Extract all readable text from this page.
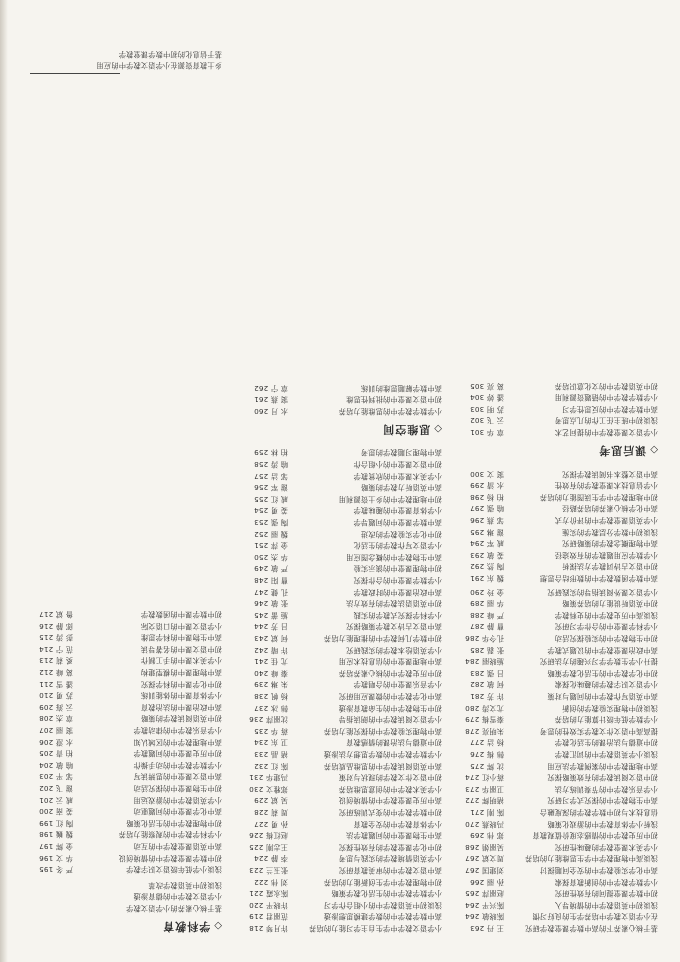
基于核心素养下的高中数学课堂教学研究
王 丹 263
在小学语文教学中培养学生的良好习惯
陈晓敏 264
浅谈初中英语教学中的情境导入
陈兴平 264
初中数学课堂提问的有效性研究
赵丽萍 265
小学数学教学中的创新教育探索
孙 丽 266
高中化学实验教学中的安全问题探讨
刘建国 267
浅谈高中物理教学中学生思维能力的培养
周文斌 267
小学美术课堂教学的趣味性研究
吴丽娟 268
初中历史教学中的情感态度价值观教育
郑 伟 269
浅析小学体育教学中的游戏化策略
冯晓燕 270
信息技术与初中数学教学的深度融合
陈 刚 271
高中生物教学中的探究式学习研究
褚明辉 272
小学音乐教学中的节奏训练方法
卫丽华 273
初中语文阅读教学的有效策略探究
蒋小红 274
高中地理教学中的案例教学法应用
沈 辉 275
浅谈小学英语教学中的词汇教学
韩 梅 276
初中道德与法治课的生活化教学
杨 洁 277
提高高中语文作文教学实效性的思考
朱明亮 278
小学数学低年级计算能力的培养
秦雪梅 279
浅谈初中物理实验教学的创新
尤文涛 280
高中英语写作教学中的问题与对策
许 芳 281
小学语文识字教学的趣味化探索
何 敏 282
初中化学教学中的生活化教学策略
吕 强 283
提升小学生数学学习兴趣的方法研究
施晓丽 284
高中政治课堂教学中的议题式教学
张 磊 285
初中生物教学中的实验探究活动
孔令华 286
小学科学课堂中的合作学习研究
曹 静 287
浅谈高中历史教学中的史料教学
严 峰 288
初中英语听说能力的培养策略
华 丽 289
小学语文课外阅读指导的实践研究
金 玲 290
高中数学函数教学中的数形结合思想
魏 东 291
初中语文古诗词教学方法探析
陶 然 292
小学数学应用题教学的有效途径
姜 敏 293
高中物理概念教学的策略研究
戚 军 294
浅谈初中数学分层教学的实施
谢 琳 295
小学英语课堂教学中的评价方式
邹 燕 296
高中化学核心素养的培养路径
喻 强 297
初中地理教学中学生读图能力的培养
柏 杨 298
小学信息技术课堂教学的有效性
水 清 299
高中语文整本书阅读教学探究
窦 文 300
◇课后思考
小学语文课堂教学中的提问艺术
章 华 301
浅谈初中班主任工作的几点思考
云 飞 302
高中数学教学中的反思性学习
苏 明 303
小学数学教学中的错题资源利用
潘 婷 304
初中英语教学中的文化意识培养
葛 亮 305
小学语文教学中学生自主学习能力的培养
许月琴 218
高中数学教学中的数学建模思想渗透
范丽君 219
浅谈初中英语教学中的小组合作学习
许晓平 220
小学数学教学中的生活化教学策略
陈永霞 221
初中物理教学中学生创新能力的培养
刘 伟 222
高中语文教学中的审美教育研究
张玉兰 223
小学英语情境教学的实践与思考
李 静 224
初中化学课堂教学的有效性探究
王志刚 225
高中生物课堂中的问题教学法
赵红梅 226
小学体育教学中的安全教育
孙 勇 227
初中数学教学中的变式训练研究
周 莉 228
高中历史课堂教学中的情境创设
吴 斌 229
小学美术教学中的创意思维培养
郑雅文 230
初中语文作文教学的现状与对策
冯建华 231
高中英语阅读教学中的思维品质培养
陈 红 232
小学数学教学中的数学思想方法渗透
褚 晶 233
初中道德与法治课的情感教育
卫 东 234
高中物理实验教学中的探究能力培养
蒋 华 235
小学语文阅读教学中的朗读指导
沈丽萍 236
初中生物教学中的生命教育渗透
韩 冰 237
高中化学教学中的微课应用研究
杨 帆 238
小学音乐课堂中的合唱教学
朱 琳 239
初中历史教学中的核心素养培养
秦 峰 240
高中地理课堂中的信息技术应用
尤 佳 241
小学英语绘本教学的实践研究
许 晴 242
初中数学几何教学中的推理能力培养
何 斌 243
高中语文古诗文教学策略探究
吕 芳 244
小学科学探究式教学的实践
施 蕾 245
初中英语语法教学的有效方法
张 敏 246
高中政治课堂中的时政教学
孔 健 247
小学数学课堂中的合作探究
曹 阳 248
初中物理课堂中的演示实验
严 敏 249
高中生物教学中的概念图应用
华 杰 250
小学语文写作教学的生活化
金 萍 251
初中化学实验教学的改进
魏 丽 252
高中数学课堂中的问题导学
陶 强 253
小学体育课堂中的趣味教学
姜 勇 254
初中地理教学中的乡土资源利用
戚 红 255
高中英语听力教学的策略
谢 军 256
小学美术课堂中的欣赏教学
邹 洁 257
初中语文课堂中的小组合作
喻 涛 258
高中物理习题教学的思考
柏 林 259
◇思维空间
小学数学教学中的思维能力培养
水 月 260
初中语文课堂中的批判性思维
窦 燕 261
高中数学解题思维的训练
章 宁 262
◇学科教育
基于核心素养的小学语文教学
小学语文教学中的德育渗透
浅谈初中英语教学改革
浅谈小学低年级语文识字教学
严 冬 195
初中数学课堂教学中的情境创设
华 文 196
高中英语课堂教学中的互动
金 辉 197
小学科学教学中的观察能力培养
魏 巍 198
初中物理教学中的生活化策略
陶 红 199
高中化学课堂中的问题驱动
姜 南 200
小学英语教学中的游戏运用
戚 云 201
初中生物课堂中的探究活动
谢 飞 202
高中语文课堂中的思辨读写
邹 平 203
小学数学教学中的动手操作
喻 敏 204
初中历史课堂中的问题教学
柏 青 205
高中地理教学中的区域认知
水 澄 206
小学音乐教学中的律动教学
窦 丽 207
初中英语阅读教学的策略
章 杰 208
高中政治课中的法治教育
云 海 209
小学体育课中的体能训练
苏 勇 210
初中化学课中的科学探究
潘 雪 211
高中物理课中的模型建构
葛 峰 212
小学美术课中的手工制作
奚 莉 213
初中语文课中的名著导读
范 宁 214
高中生物课中的科学思维
彭 涛 215
小学语文课中的口语交际
郎 静 216
初中数学课中的函数教学
鲁 斌 217
乡土教育资源在小学语文教学中的应用
基于信息化的初中数学课堂教学
